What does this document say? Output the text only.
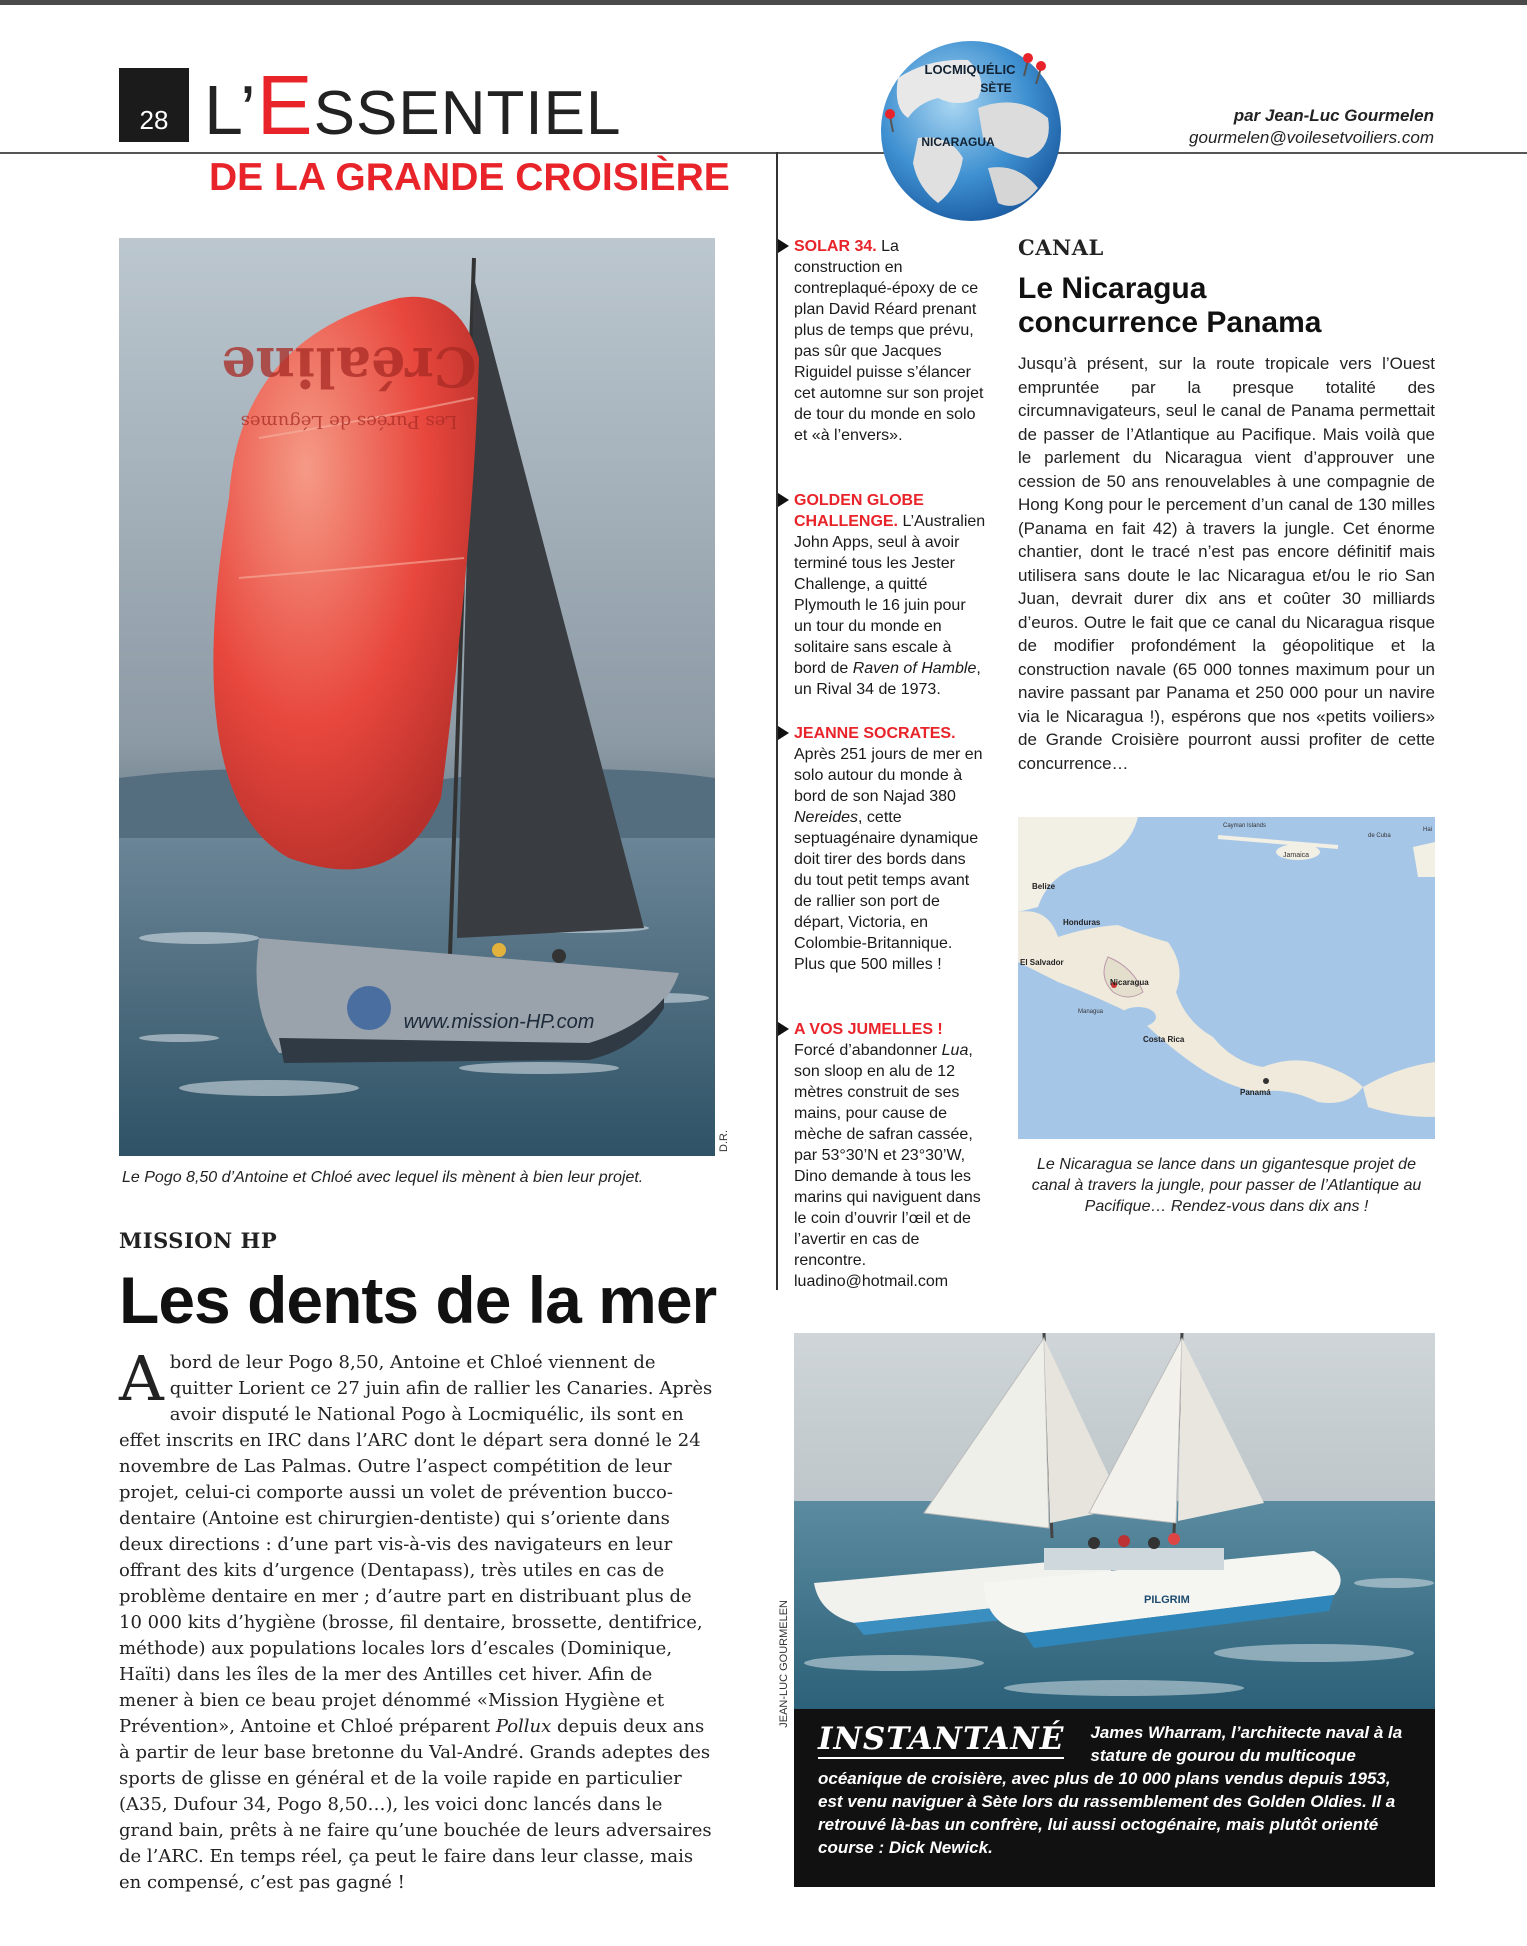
28 L’ESSENTIEL
DE LA GRANDE CROISIÈRE
par Jean-Luc Gourmelen
gourmelen@voilesetvoiliers.com
LOCMIQUÉLIC
SÈTE
NICARAGUA
Créaline
Les Purées de Légumes
www.mission-HP.com
D.R.
Le Pogo 8,50 d’Antoine et Chloé avec lequel ils mènent à bien leur projet.
MISSION HP
Les dents de la mer
Abord de leur Pogo 8,50, Antoine et Chloé viennent de quitter Lorient ce 27 juin afin de rallier les Canaries. Après avoir disputé le National Pogo à Locmiquélic, ils sont en effet inscrits en IRC dans l’ARC dont le départ sera donné le 24 novembre de Las Palmas. Outre l’aspect compétition de leur projet, celui-ci comporte aussi un volet de prévention bucco-dentaire (Antoine est chirurgien-dentiste) qui s’oriente dans deux directions : d’une part vis-à-vis des navigateurs en leur offrant des kits d’urgence (Dentapass), très utiles en cas de problème dentaire en mer ; d’autre part en distribuant plus de 10 000 kits d’hygiène (brosse, fil dentaire, brossette, dentifrice, méthode) aux populations locales lors d’escales (Dominique, Haïti) dans les îles de la mer des Antilles cet hiver. Afin de mener à bien ce beau projet dénommé «Mission Hygiène et Prévention», Antoine et Chloé préparent Pollux depuis deux ans à partir de leur base bretonne du Val-André. Grands adeptes des sports de glisse en général et de la voile rapide en particulier (A35, Dufour 34, Pogo 8,50…), les voici donc lancés dans le grand bain, prêts à ne faire qu’une bouchée de leurs adversaires de l’ARC. En temps réel, ça peut le faire dans leur classe, mais en compensé, c’est pas gagné !
SOLAR 34. La construction en contreplaqué-époxy de ce plan David Réard prenant plus de temps que prévu, pas sûr que Jacques Riguidel puisse s’élancer cet automne sur son projet de tour du monde en solo et «à l’envers».
GOLDEN GLOBE CHALLENGE. L’Australien John Apps, seul à avoir terminé tous les Jester Challenge, a quitté Plymouth le 16 juin pour un tour du monde en solitaire sans escale à bord de Raven of Hamble, un Rival 34 de 1973.
JEANNE SOCRATES. Après 251 jours de mer en solo autour du monde à bord de son Najad 380 Nereides, cette septuagénaire dynamique doit tirer des bords dans du tout petit temps avant de rallier son port de départ, Victoria, en Colombie-Britannique. Plus que 500 milles !
A VOS JUMELLES ! Forcé d’abandonner Lua, son sloop en alu de 12 mètres construit de ses mains, pour cause de mèche de safran cassée, par 53°30’N et 23°30’W, Dino demande à tous les marins qui naviguent dans le coin d’ouvrir l’œil et de l’avertir en cas de rencontre. luadino@hotmail.com
CANAL
Le Nicaragua
concurrence Panama
Jusqu’à présent, sur la route tropicale vers l’Ouest empruntée par la presque totalité des circumnavigateurs, seul le canal de Panama permettait de passer de l’Atlantique au Pacifique. Mais voilà que le parlement du Nicaragua vient d’approuver une cession de 50 ans renouvelables à une compagnie de Hong Kong pour le percement d’un canal de 130 milles (Panama en fait 42) à travers la jungle. Cet énorme chantier, dont le tracé n’est pas encore définitif mais utilisera sans doute le lac Nicaragua et/ou le rio San Juan, devrait durer dix ans et coûter 30 milliards d’euros. Outre le fait que ce canal du Nicaragua risque de modifier profondément la géopolitique et la construction navale (65 000 tonnes maximum pour un navire passant par Panama et 250 000 pour un navire via le Nicaragua !), espérons que nos «petits voiliers» de Grande Croisière pourront aussi profiter de cette concurrence…
Cayman Islands
Jamaica
Belize
Honduras
El Salvador
Nicaragua
Managua
Costa Rica
Panamá
de Cuba
Hai
Le Nicaragua se lance dans un gigantesque projet de canal à travers la jungle, pour passer de l’Atlantique au Pacifique… Rendez-vous dans dix ans !
PILGRIM
JEAN-LUC GOURMELEN
INSTANTANÉ James Wharram, l’architecte naval à la stature de gourou du multicoque océanique de croisière, avec plus de 10 000 plans vendus depuis 1953, est venu naviguer à Sète lors du rassemblement des Golden Oldies. Il a retrouvé là-bas un confrère, lui aussi octogénaire, mais plutôt orienté course : Dick Newick.
